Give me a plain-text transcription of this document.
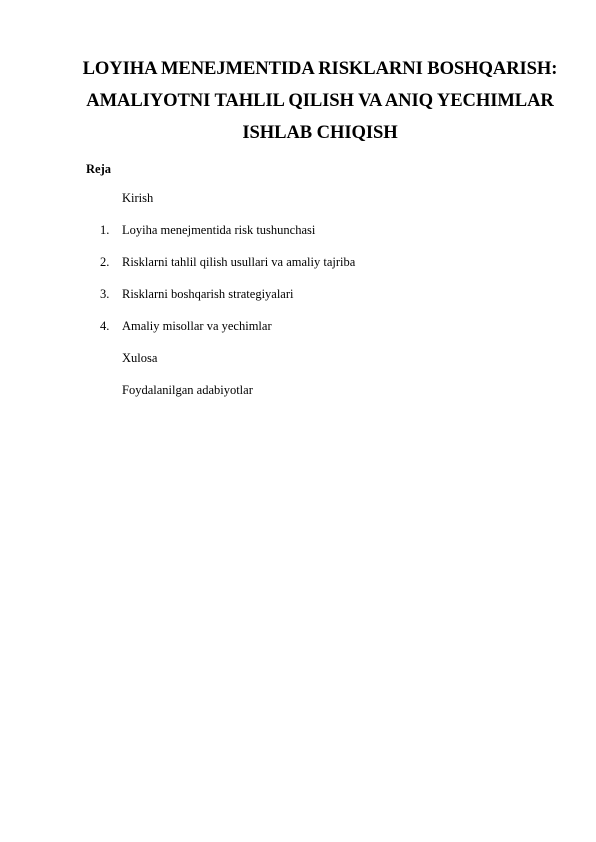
LOYIHA MENEJMENTIDA RISKLARNI BOSHQARISH:
AMALIYOTNI TAHLIL QILISH VA ANIQ YECHIMLAR
ISHLAB CHIQISH
Reja
Kirish
1. Loyiha menejmentida risk tushunchasi
2. Risklarni tahlil qilish usullari va amaliy tajriba
3. Risklarni boshqarish strategiyalari
4. Amaliy misollar va yechimlar
Xulosa
Foydalanilgan adabiyotlar
